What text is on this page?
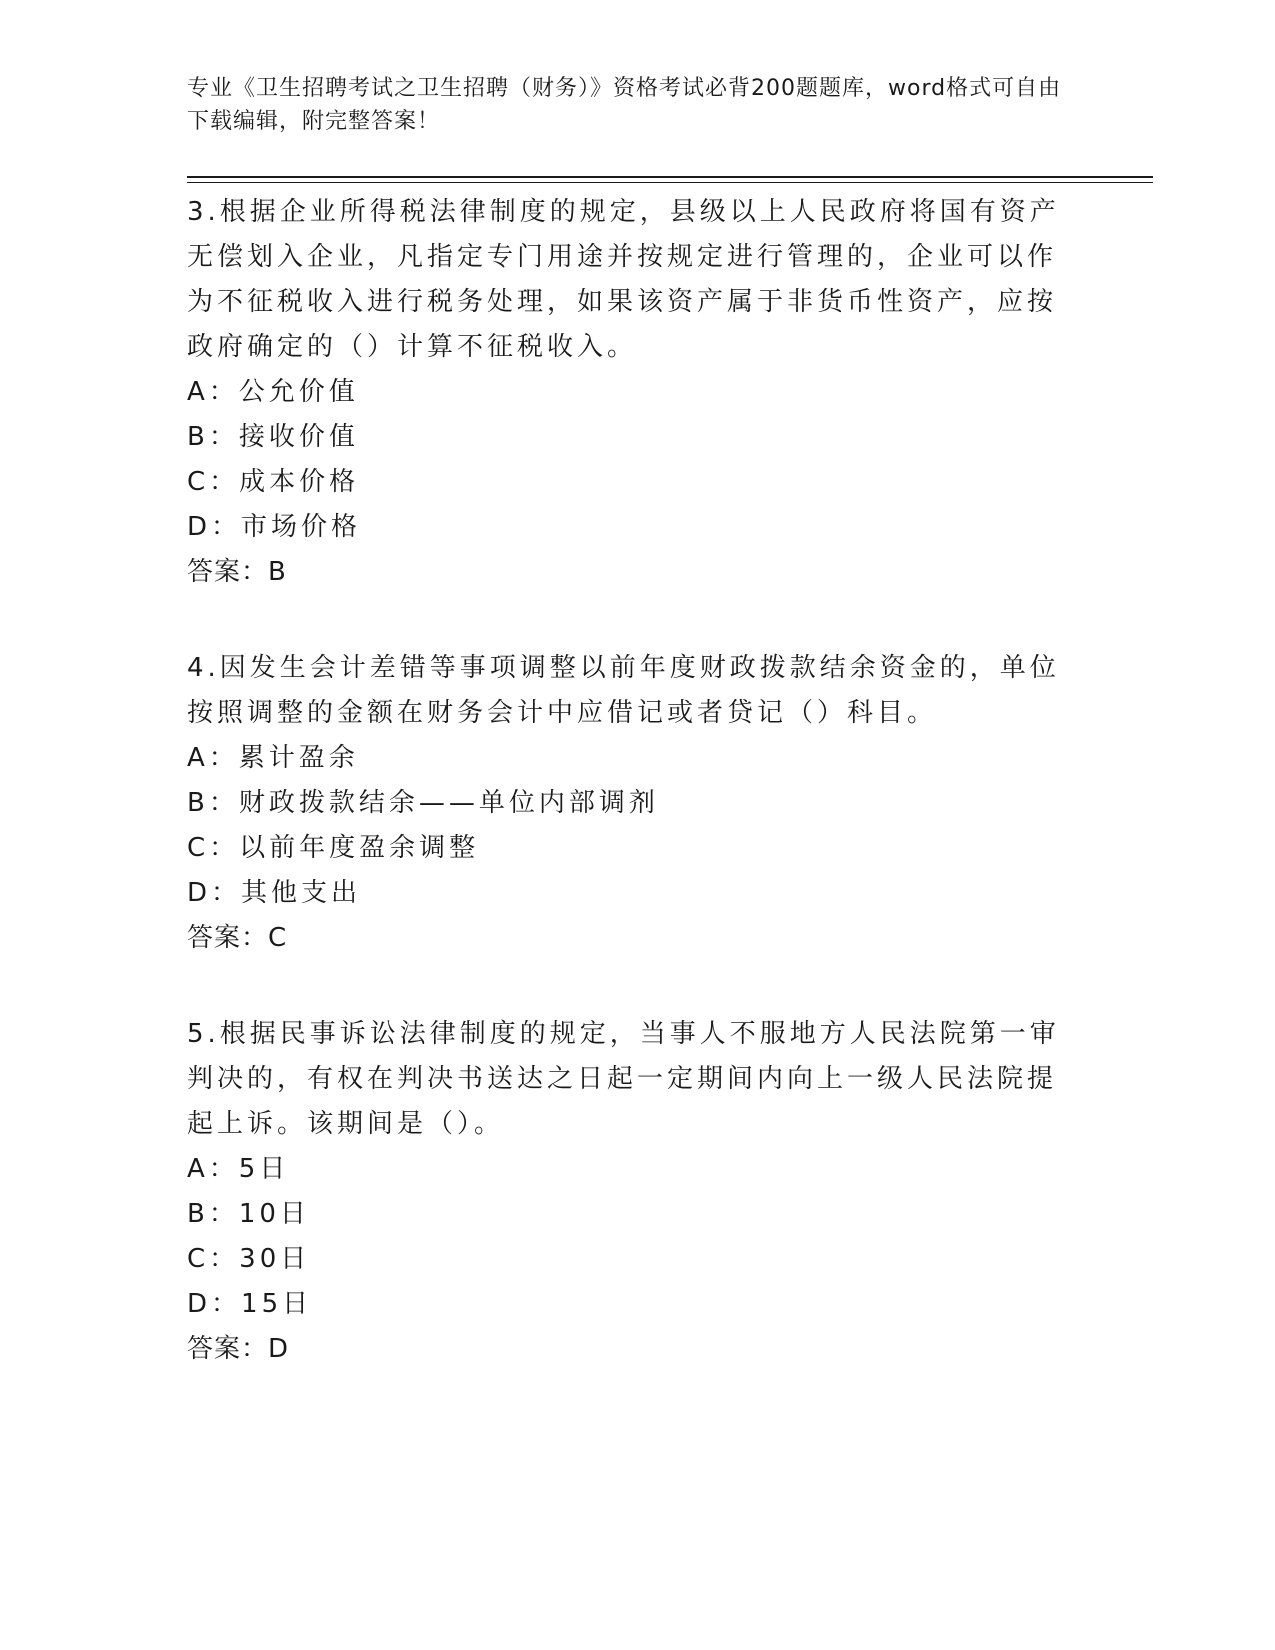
专业《卫生招聘考试之卫生招聘（财务）》资格考试必背200题题库，word格式可自由下载编辑，附完整答案！

3.根据企业所得税法律制度的规定，县级以上人民政府将国有资产无偿划入企业，凡指定专门用途并按规定进行管理的，企业可以作为不征税收入进行税务处理，如果该资产属于非货币性资产，应按政府确定的（）计算不征税收入。

A：公允价值

B：接收价值

C：成本价格

D：市场价格

答案：B

4.因发生会计差错等事项调整以前年度财政拨款结余资金的，单位按照调整的金额在财务会计中应借记或者贷记（）科目。

A：累计盈余

B：财政拨款结余——单位内部调剂

C：以前年度盈余调整

D：其他支出

答案：C

5.根据民事诉讼法律制度的规定，当事人不服地方人民法院第一审判决的，有权在判决书送达之日起一定期间内向上一级人民法院提起上诉。该期间是（）。

A：5日

B：10日

C：30日

D：15日

答案：D
